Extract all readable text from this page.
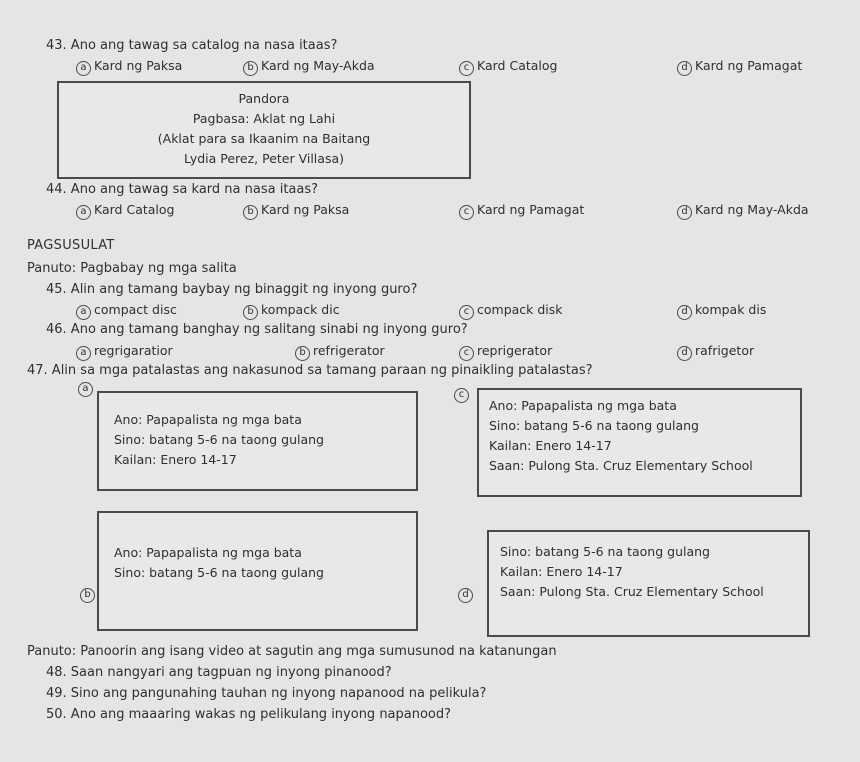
43. Ano ang tawag sa catalog na nasa itaas?
a Kard ng Paksa	b Kard ng May-Akda	c Kard Catalog	d Kard ng Pamagat
Pandora
Pagbasa: Aklat ng Lahi
(Aklat para sa Ikaanim na Baitang
Lydia Perez, Peter Villasa)
44. Ano ang tawag sa kard na nasa itaas?
a Kard Catalog	b Kard ng Paksa	c Kard ng Pamagat	d Kard ng May-Akda
PAGSUSULAT
Panuto: Pagbabay ng mga salita
45. Alin ang tamang baybay ng binaggit ng inyong guro?
a compact disc	b kompack dic	c compack disk	d kompak dis
46. Ano ang tamang banghay ng salitang sinabi ng inyong guro?
a regrigaratior	b refrigerator	c reprigerator	d rafrigetor
47. Alin sa mga patalastas ang nakasunod sa tamang paraan ng pinaikling patalastas?
a
Ano: Papapalista ng mga bata
Sino: batang 5-6 na taong gulang
Kailan: Enero 14-17
c
Ano: Papapalista ng mga bata
Sino: batang 5-6 na taong gulang
Kailan: Enero 14-17
Saan: Pulong Sta. Cruz Elementary School
Ano: Papapalista ng mga bata
Sino: batang 5-6 na taong gulang
b
Sino: batang 5-6 na taong gulang
Kailan: Enero 14-17
Saan: Pulong Sta. Cruz Elementary School
d
Panuto: Panoorin ang isang video at sagutin ang mga sumusunod na katanungan
48. Saan nangyari ang tagpuan ng inyong pinanood?
49. Sino ang pangunahing tauhan ng inyong napanood na pelikula?
50. Ano ang maaaring wakas ng pelikulang inyong napanood?
